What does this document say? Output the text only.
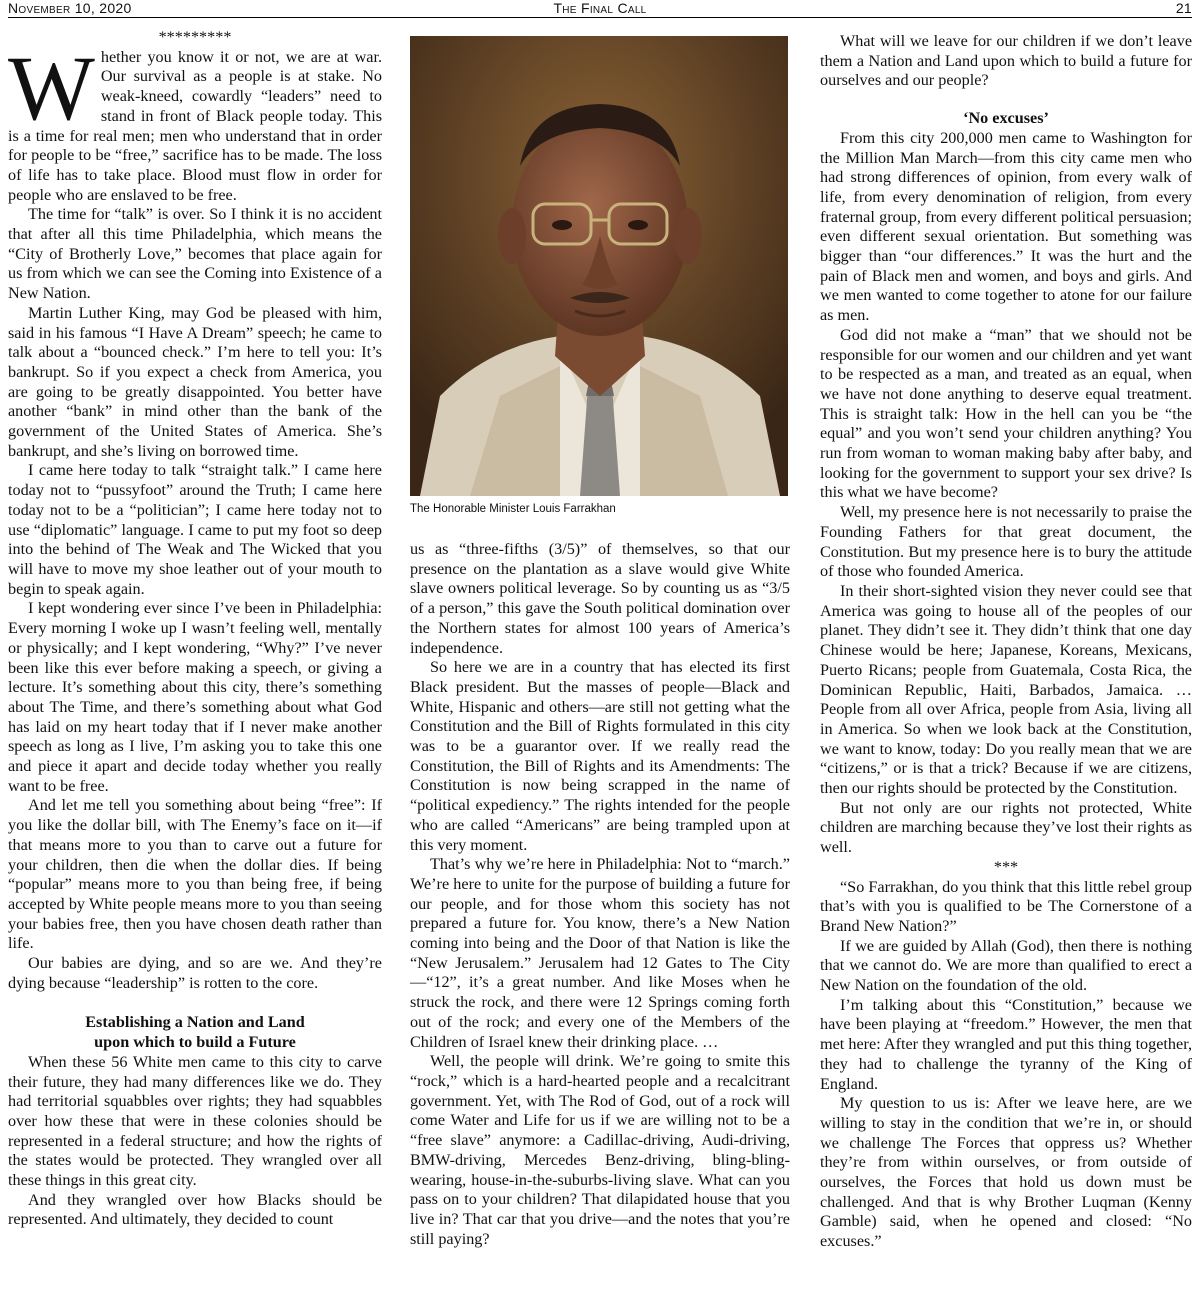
November 10, 2020	The Final Call	21

*********

Whether you know it or not, we are at war. Our survival as a people is at stake. No weak-kneed, cowardly “leaders” need to stand in front of Black people today. This is a time for real men; men who understand that in order for people to be “free,” sacrifice has to be made. The loss of life has to take place. Blood must flow in order for people who are enslaved to be free.

The time for “talk” is over. So I think it is no accident that after all this time Philadelphia, which means the “City of Brotherly Love,” becomes that place again for us from which we can see the Coming into Existence of a New Nation.

Martin Luther King, may God be pleased with him, said in his famous “I Have A Dream” speech; he came to talk about a “bounced check.” I’m here to tell you: It’s bankrupt. So if you expect a check from America, you are going to be greatly disappointed. You better have another “bank” in mind other than the bank of the government of the United States of America. She’s bankrupt, and she’s living on borrowed time.

I came here today to talk “straight talk.” I came here today not to “pussyfoot” around the Truth; I came here today not to be a “politician”; I came here today not to use “diplomatic” language. I came to put my foot so deep into the behind of The Weak and The Wicked that you will have to move my shoe leather out of your mouth to begin to speak again.

I kept wondering ever since I’ve been in Philadelphia: Every morning I woke up I wasn’t feeling well, mentally or physically; and I kept wondering, “Why?” I’ve never been like this ever before making a speech, or giving a lecture. It’s something about this city, there’s something about The Time, and there’s something about what God has laid on my heart today that if I never make another speech as long as I live, I’m asking you to take this one and piece it apart and decide today whether you really want to be free.

And let me tell you something about being “free”: If you like the dollar bill, with The Enemy’s face on it—if that means more to you than to carve out a future for your children, then die when the dollar dies. If being “popular” means more to you than being free, if being accepted by White people means more to you than seeing your babies free, then you have chosen death rather than life.

Our babies are dying, and so are we. And they’re dying because “leadership” is rotten to the core.

Establishing a Nation and Land
upon which to build a Future

When these 56 White men came to this city to carve their future, they had many differences like we do. They had territorial squabbles over rights; they had squabbles over how these that were in these colonies should be represented in a federal structure; and how the rights of the states would be protected. They wrangled over all these things in this great city.

And they wrangled over how Blacks should be represented. And ultimately, they decided to count

The Honorable Minister Louis Farrakhan

us as “three-fifths (3/5)” of themselves, so that our presence on the plantation as a slave would give White slave owners political leverage. So by counting us as “3/5 of a person,” this gave the South political domination over the Northern states for almost 100 years of America’s independence.

So here we are in a country that has elected its first Black president. But the masses of people—Black and White, Hispanic and others—are still not getting what the Constitution and the Bill of Rights formulated in this city was to be a guarantor over. If we really read the Constitution, the Bill of Rights and its Amendments: The Constitution is now being scrapped in the name of “political expediency.” The rights intended for the people who are called “Americans” are being trampled upon at this very moment.

That’s why we’re here in Philadelphia: Not to “march.” We’re here to unite for the purpose of building a future for our people, and for those whom this society has not prepared a future for. You know, there’s a New Nation coming into being and the Door of that Nation is like the “New Jerusalem.” Jerusalem had 12 Gates to The City—“12”, it’s a great number. And like Moses when he struck the rock, and there were 12 Springs coming forth out of the rock; and every one of the Members of the Children of Israel knew their drinking place. …

Well, the people will drink. We’re going to smite this “rock,” which is a hard-hearted people and a recalcitrant government. Yet, with The Rod of God, out of a rock will come Water and Life for us if we are willing not to be a “free slave” anymore: a Cadillac-driving, Audi-driving, BMW-driving, Mercedes Benz-driving, bling-bling-wearing, house-in-the-suburbs-living slave. What can you pass on to your children? That dilapidated house that you live in? That car that you drive—and the notes that you’re still paying?

What will we leave for our children if we don’t leave them a Nation and Land upon which to build a future for ourselves and our people?

‘No excuses’

From this city 200,000 men came to Washington for the Million Man March—from this city came men who had strong differences of opinion, from every walk of life, from every denomination of religion, from every fraternal group, from every different political persuasion; even different sexual orientation. But something was bigger than “our differences.” It was the hurt and the pain of Black men and women, and boys and girls. And we men wanted to come together to atone for our failure as men.

God did not make a “man” that we should not be responsible for our women and our children and yet want to be respected as a man, and treated as an equal, when we have not done anything to deserve equal treatment. This is straight talk: How in the hell can you be “the equal” and you won’t send your children anything? You run from woman to woman making baby after baby, and looking for the government to support your sex drive? Is this what we have become?

Well, my presence here is not necessarily to praise the Founding Fathers for that great document, the Constitution. But my presence here is to bury the attitude of those who founded America.

In their short-sighted vision they never could see that America was going to house all of the peoples of our planet. They didn’t see it. They didn’t think that one day Chinese would be here; Japanese, Koreans, Mexicans, Puerto Ricans; people from Guatemala, Costa Rica, the Dominican Republic, Haiti, Barbados, Jamaica. … People from all over Africa, people from Asia, living all in America. So when we look back at the Constitution, we want to know, today: Do you really mean that we are “citizens,” or is that a trick? Because if we are citizens, then our rights should be protected by the Constitution.

But not only are our rights not protected, White children are marching because they’ve lost their rights as well.

***

“So Farrakhan, do you think that this little rebel group that’s with you is qualified to be The Cornerstone of a Brand New Nation?”

If we are guided by Allah (God), then there is nothing that we cannot do. We are more than qualified to erect a New Nation on the foundation of the old.

I’m talking about this “Constitution,” because we have been playing at “freedom.” However, the men that met here: After they wrangled and put this thing together, they had to challenge the tyranny of the King of England.

My question to us is: After we leave here, are we willing to stay in the condition that we’re in, or should we challenge The Forces that oppress us? Whether they’re from within ourselves, or from outside of ourselves, the Forces that hold us down must be challenged. And that is why Brother Luqman (Kenny Gamble) said, when he opened and closed: “No excuses.”
